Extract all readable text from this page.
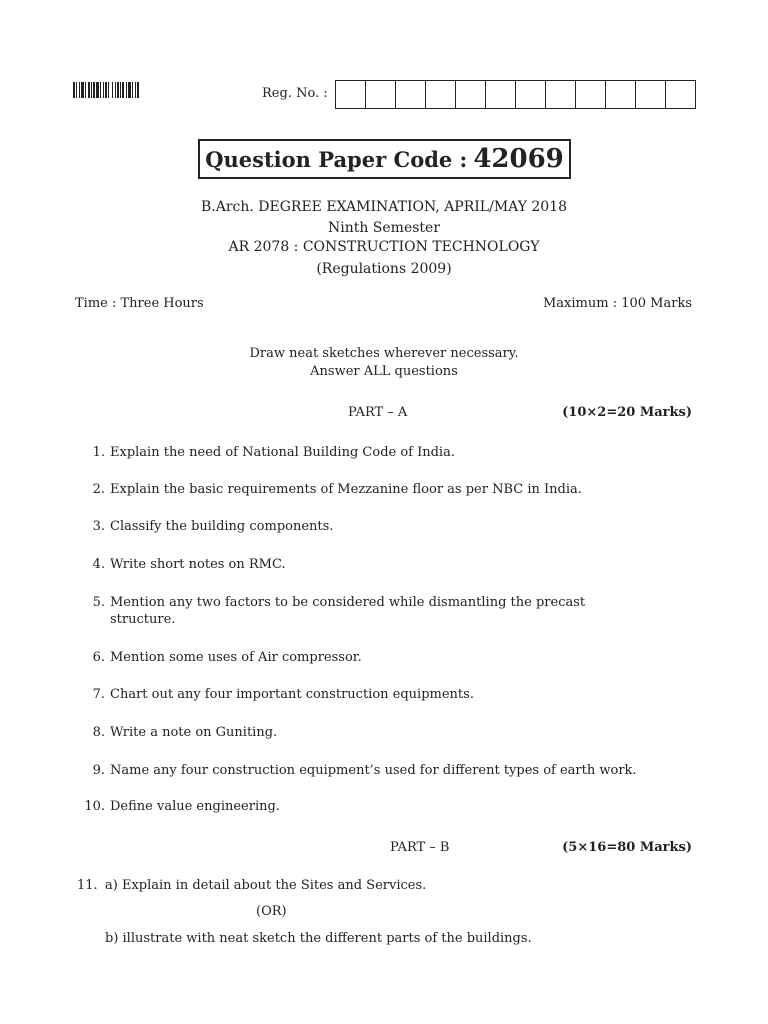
Reg. No. :
Question Paper Code : 42069
B.Arch. DEGREE EXAMINATION, APRIL/MAY 2018
Ninth Semester
AR 2078 : CONSTRUCTION TECHNOLOGY
(Regulations 2009)
Time : Three Hours	Maximum : 100 Marks
Draw neat sketches wherever necessary.
Answer ALL questions
PART – A	(10×2=20 Marks)
1. Explain the need of National Building Code of India.
2. Explain the basic requirements of Mezzanine floor as per NBC in India.
3. Classify the building components.
4. Write short notes on RMC.
5. Mention any two factors to be considered while dismantling the precast structure.
6. Mention some uses of Air compressor.
7. Chart out any four important construction equipments.
8. Write a note on Guniting.
9. Name any four construction equipment’s used for different types of earth work.
10. Define value engineering.
PART – B	(5×16=80 Marks)
11. a) Explain in detail about the Sites and Services.
(OR)
b) illustrate with neat sketch the different parts of the buildings.
